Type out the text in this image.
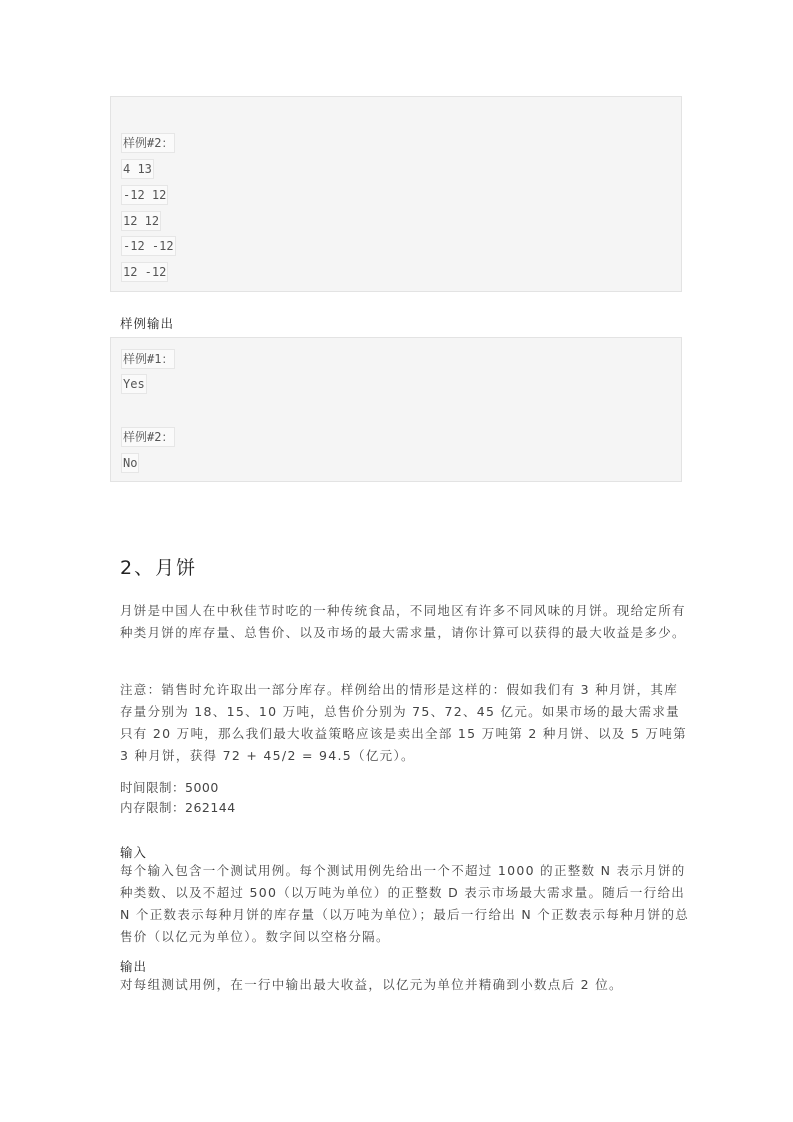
样例#2：
4 13
-12 12
12 12
-12 -12
12 -12
样例输出
样例#1：
Yes
样例#2：
No
2、月饼

月饼是中国人在中秋佳节时吃的一种传统食品，不同地区有许多不同风味的月饼。现给定所有种类月饼的库存量、总售价、以及市场的最大需求量，请你计算可以获得的最大收益是多少。

注意：销售时允许取出一部分库存。样例给出的情形是这样的：假如我们有 3 种月饼，其库存量分别为 18、15、10 万吨，总售价分别为 75、72、45 亿元。如果市场的最大需求量只有 20 万吨，那么我们最大收益策略应该是卖出全部 15 万吨第 2 种月饼、以及 5 万吨第 3 种月饼，获得 72 + 45/2 = 94.5（亿元）。

时间限制：5000
内存限制：262144
输入

每个输入包含一个测试用例。每个测试用例先给出一个不超过 1000 的正整数 N 表示月饼的种类数、以及不超过 500（以万吨为单位）的正整数 D 表示市场最大需求量。随后一行给出 N 个正数表示每种月饼的库存量（以万吨为单位）；最后一行给出 N 个正数表示每种月饼的总售价（以亿元为单位）。数字间以空格分隔。

输出

对每组测试用例，在一行中输出最大收益，以亿元为单位并精确到小数点后 2 位。
